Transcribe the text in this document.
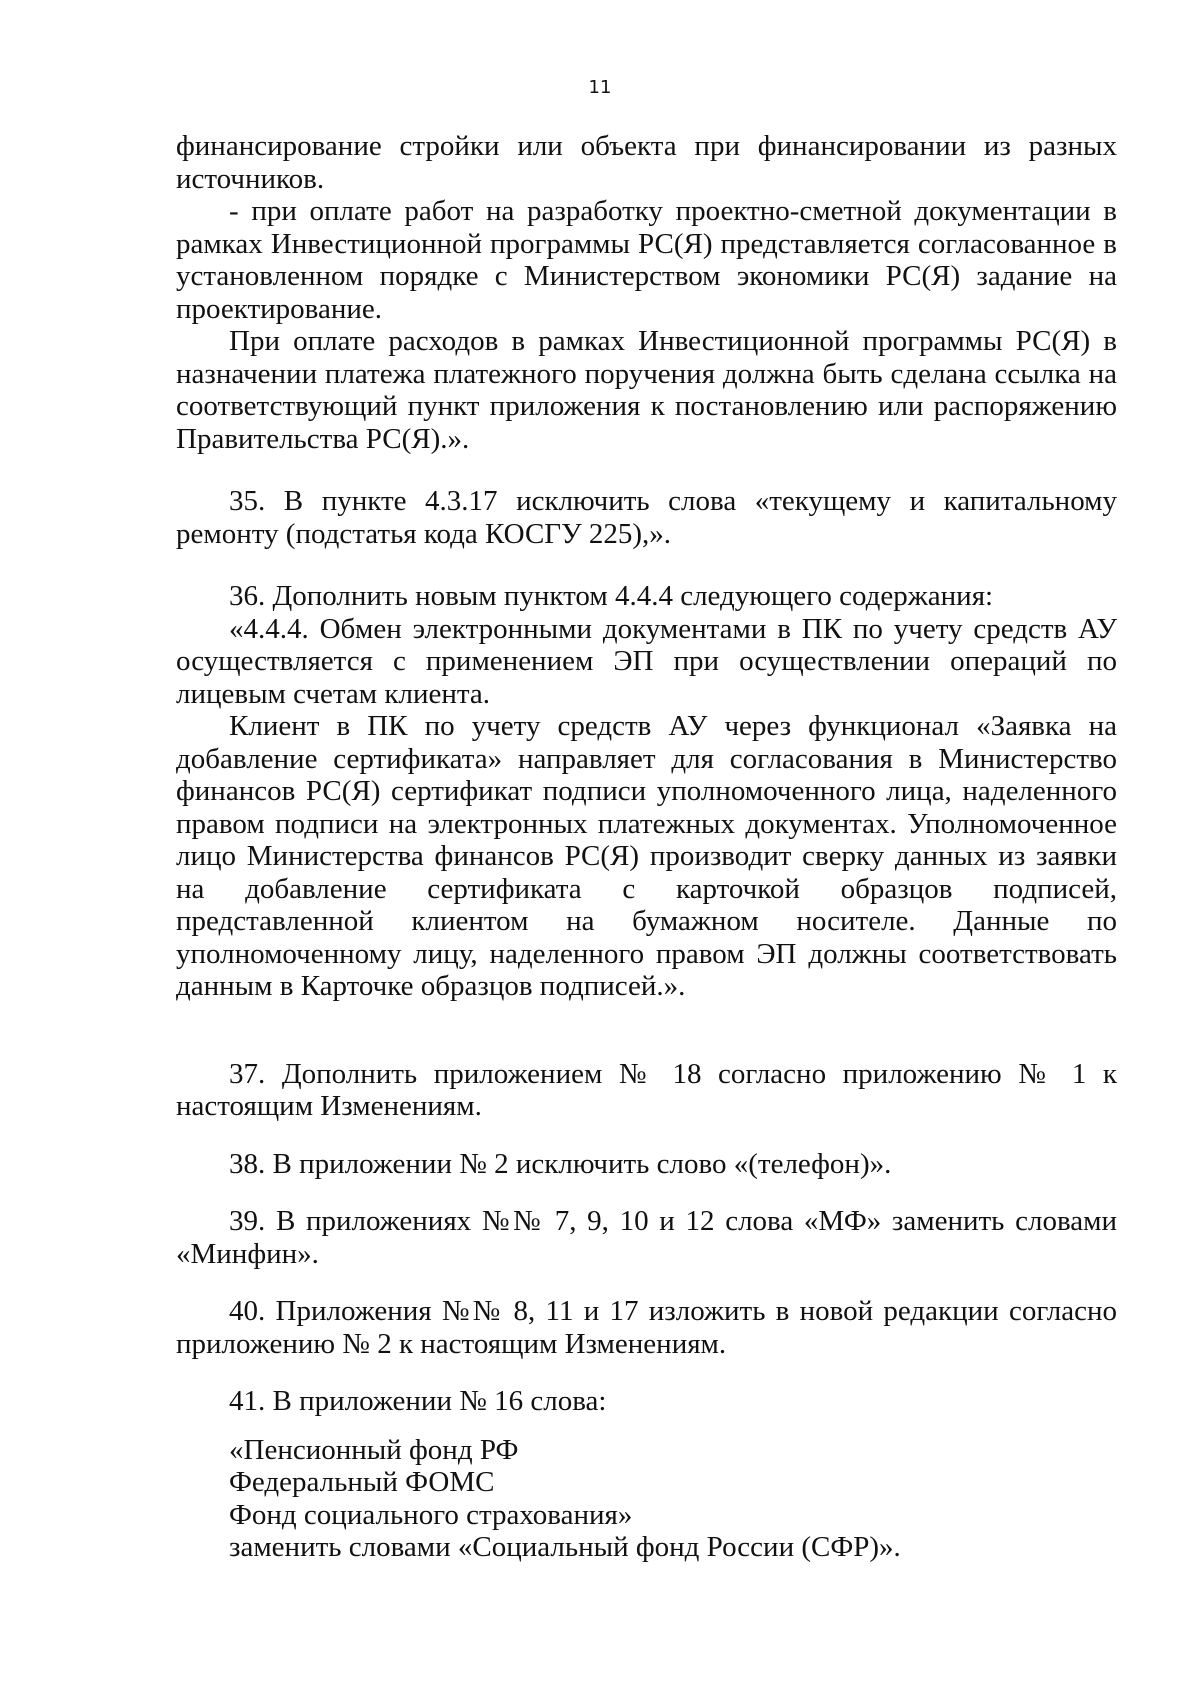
11

финансирование стройки или объекта при финансировании из разных источников.

- при оплате работ на разработку проектно-сметной документации в рамках Инвестиционной программы РС(Я) представляется согласованное в установленном порядке с Министерством экономики РС(Я) задание на проектирование.

При оплате расходов в рамках Инвестиционной программы РС(Я) в назначении платежа платежного поручения должна быть сделана ссылка на соответствующий пункт приложения к постановлению или распоряжению Правительства РС(Я).».

35. В пункте 4.3.17 исключить слова «текущему и капитальному ремонту (подстатья кода КОСГУ 225),».

36. Дополнить новым пунктом 4.4.4 следующего содержания:

«4.4.4. Обмен электронными документами в ПК по учету средств АУ осуществляется с применением ЭП при осуществлении операций по лицевым счетам клиента.

Клиент в ПК по учету средств АУ через функционал «Заявка на добавление сертификата» направляет для согласования в Министерство финансов РС(Я) сертификат подписи уполномоченного лица, наделенного правом подписи на электронных платежных документах. Уполномоченное лицо Министерства финансов РС(Я) производит сверку данных из заявки на добавление сертификата с карточкой образцов подписей, представленной клиентом на бумажном носителе. Данные по уполномоченному лицу, наделенного правом ЭП должны соответствовать данным в Карточке образцов подписей.».

37. Дополнить приложением № 18 согласно приложению № 1 к настоящим Изменениям.

38. В приложении № 2 исключить слово «(телефон)».

39. В приложениях №№ 7, 9, 10 и 12 слова «МФ» заменить словами «Минфин».

40. Приложения №№ 8, 11 и 17 изложить в новой редакции согласно приложению № 2 к настоящим Изменениям.

41. В приложении № 16 слова:

«Пенсионный фонд РФ

Федеральный ФОМС

Фонд социального страхования»

заменить словами «Социальный фонд России (СФР)».
